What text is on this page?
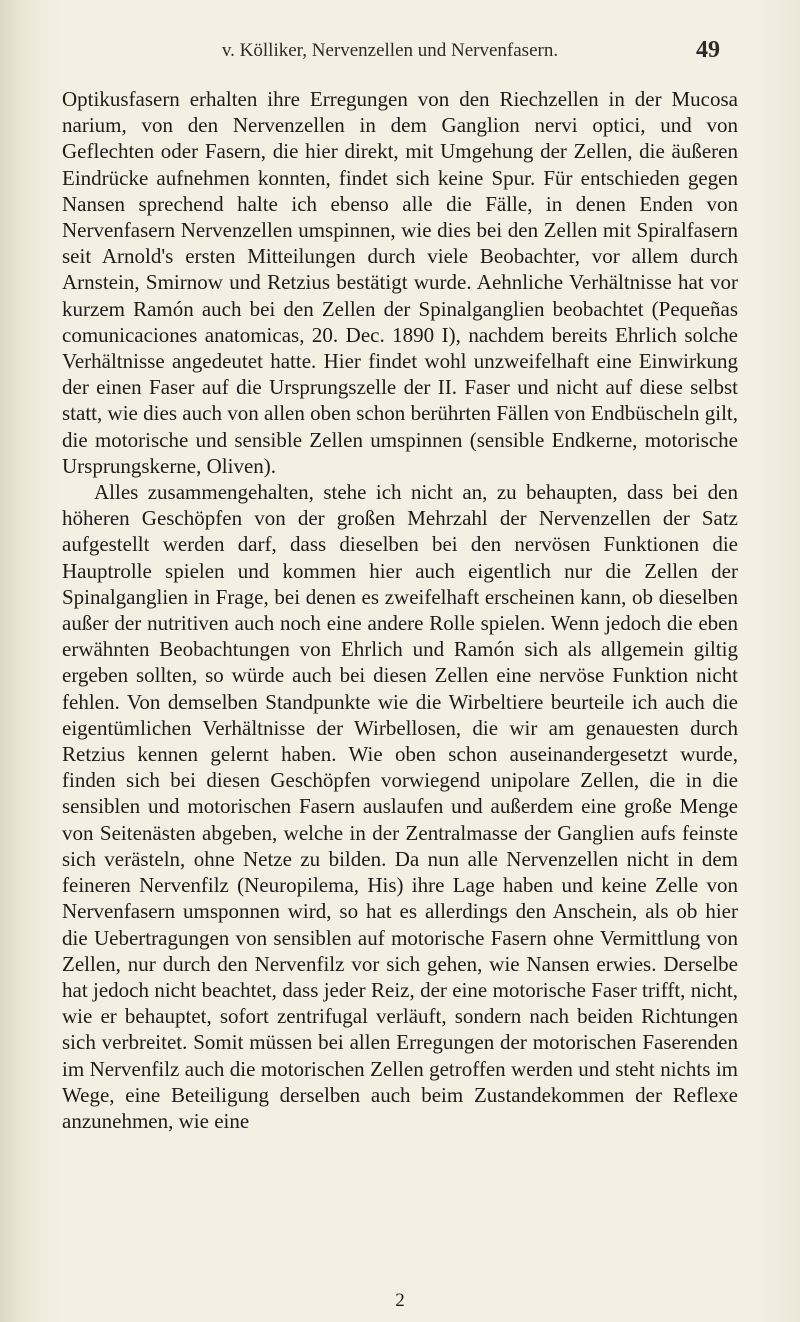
v. Kölliker, Nervenzellen und Nervenfasern.	49

Optikusfasern erhalten ihre Erregungen von den Riechzellen in der Mucosa narium, von den Nervenzellen in dem Ganglion nervi optici, und von Geflechten oder Fasern, die hier direkt, mit Umgehung der Zellen, die äußeren Eindrücke aufnehmen konnten, findet sich keine Spur. Für entschieden gegen Nansen sprechend halte ich ebenso alle die Fälle, in denen Enden von Nervenfasern Nervenzellen umspinnen, wie dies bei den Zellen mit Spiralfasern seit Arnold's ersten Mitteilungen durch viele Beobachter, vor allem durch Arnstein, Smirnow und Retzius bestätigt wurde. Aehnliche Verhältnisse hat vor kurzem Ramón auch bei den Zellen der Spinalganglien beobachtet (Pequeñas comunicaciones anatomicas, 20. Dec. 1890 I), nachdem bereits Ehrlich solche Verhältnisse angedeutet hatte. Hier findet wohl unzweifelhaft eine Einwirkung der einen Faser auf die Ursprungszelle der II. Faser und nicht auf diese selbst statt, wie dies auch von allen oben schon berührten Fällen von Endbüscheln gilt, die motorische und sensible Zellen umspinnen (sensible Endkerne, motorische Ursprungskerne, Oliven).

Alles zusammengehalten, stehe ich nicht an, zu behaupten, dass bei den höheren Geschöpfen von der großen Mehrzahl der Nervenzellen der Satz aufgestellt werden darf, dass dieselben bei den nervösen Funktionen die Hauptrolle spielen und kommen hier auch eigentlich nur die Zellen der Spinalganglien in Frage, bei denen es zweifelhaft erscheinen kann, ob dieselben außer der nutritiven auch noch eine andere Rolle spielen. Wenn jedoch die eben erwähnten Beobachtungen von Ehrlich und Ramón sich als allgemein giltig ergeben sollten, so würde auch bei diesen Zellen eine nervöse Funktion nicht fehlen. Von demselben Standpunkte wie die Wirbeltiere beurteile ich auch die eigentümlichen Verhältnisse der Wirbellosen, die wir am genauesten durch Retzius kennen gelernt haben. Wie oben schon auseinandergesetzt wurde, finden sich bei diesen Geschöpfen vorwiegend unipolare Zellen, die in die sensiblen und motorischen Fasern auslaufen und außerdem eine große Menge von Seitenästen abgeben, welche in der Zentralmasse der Ganglien aufs feinste sich verästeln, ohne Netze zu bilden. Da nun alle Nervenzellen nicht in dem feineren Nervenfilz (Neuropilema, His) ihre Lage haben und keine Zelle von Nervenfasern umsponnen wird, so hat es allerdings den Anschein, als ob hier die Uebertragungen von sensiblen auf motorische Fasern ohne Vermittlung von Zellen, nur durch den Nervenfilz vor sich gehen, wie Nansen erwies. Derselbe hat jedoch nicht beachtet, dass jeder Reiz, der eine motorische Faser trifft, nicht, wie er behauptet, sofort zentrifugal verläuft, sondern nach beiden Richtungen sich verbreitet. Somit müssen bei allen Erregungen der motorischen Faserenden im Nervenfilz auch die motorischen Zellen getroffen werden und steht nichts im Wege, eine Beteiligung derselben auch beim Zustandekommen der Reflexe anzunehmen, wie eine

2
